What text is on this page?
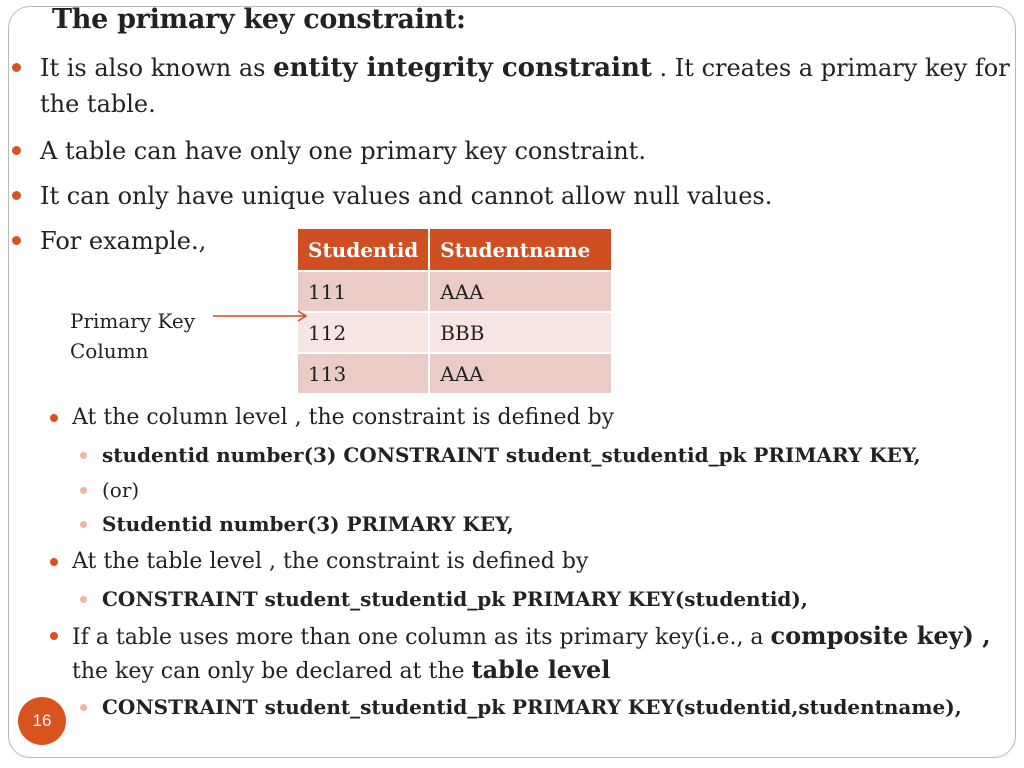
The primary key constraint:
It is also known as entity integrity constraint . It creates a primary key for
the table.
A table can have only one primary key constraint.
It can only have unique values and cannot allow null values.
For example.,	Studentid	Studentname
111	AAA
112	BBB
113	AAA
Primary Key
Column
At the column level , the constraint is defined by
studentid number(3) CONSTRAINT student_studentid_pk PRIMARY KEY,
(or)
Studentid number(3) PRIMARY KEY,
At the table level , the constraint is defined by
CONSTRAINT student_studentid_pk PRIMARY KEY(studentid),
If a table uses more than one column as its primary key(i.e., a composite key) ,
the key can only be declared at the table level
CONSTRAINT student_studentid_pk PRIMARY KEY(studentid,studentname),
16
